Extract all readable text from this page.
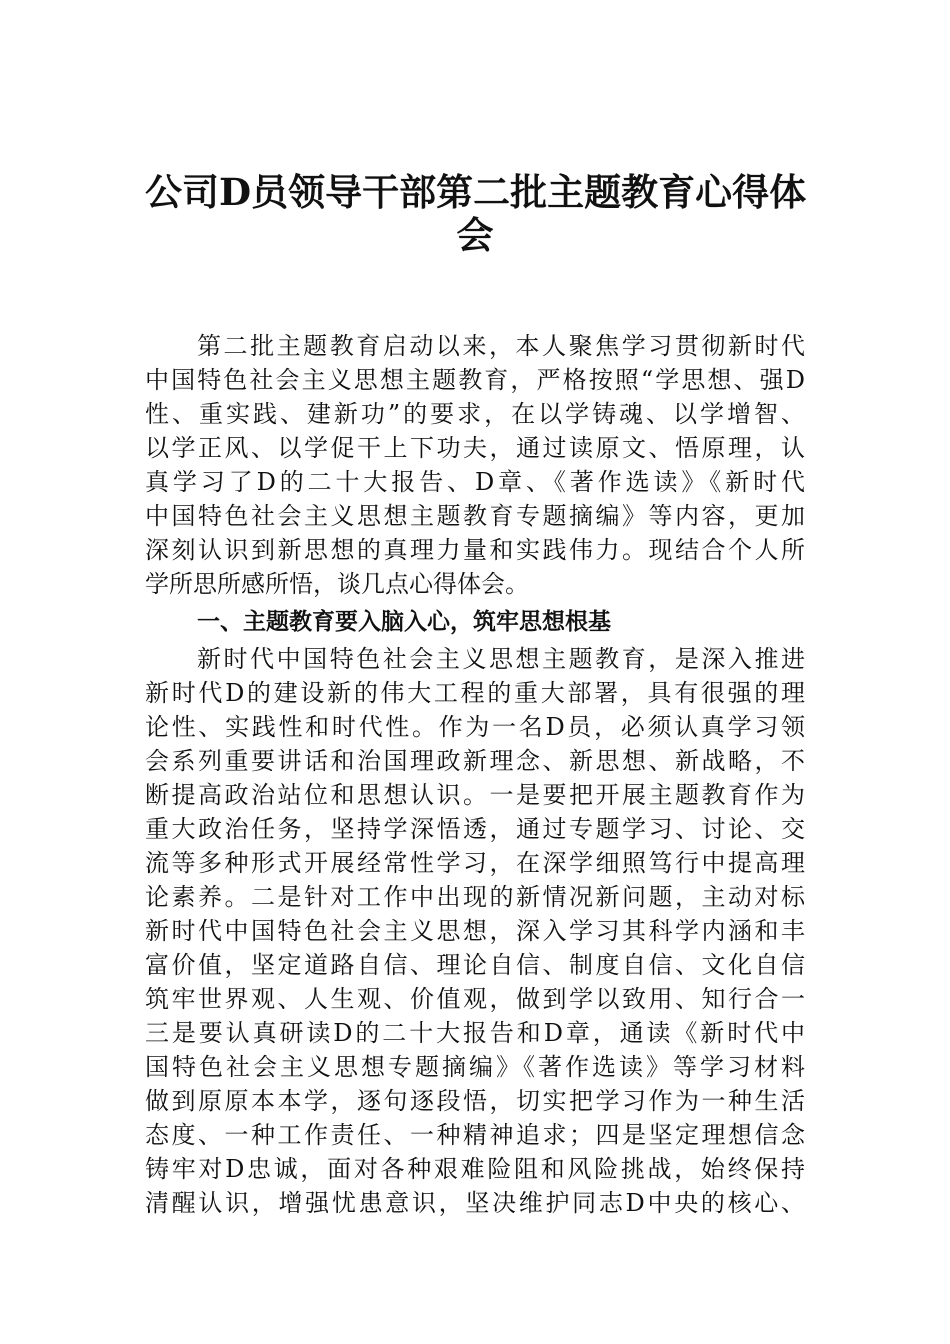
公司D员领导干部第二批主题教育心得体
会
第二批主题教育启动以来，本人聚焦学习贯彻新时代
中国特色社会主义思想主题教育，严格按照“学思想、强D
性、重实践、建新功”的要求，在以学铸魂、以学增智、
以学正风、以学促干上下功夫，通过读原文、悟原理，认
真学习了D的二十大报告、D章、《著作选读》《新时代
中国特色社会主义思想主题教育专题摘编》等内容，更加
深刻认识到新思想的真理力量和实践伟力。现结合个人所
学所思所感所悟，谈几点心得体会。
一、主题教育要入脑入心，筑牢思想根基
新时代中国特色社会主义思想主题教育，是深入推进
新时代D的建设新的伟大工程的重大部署，具有很强的理
论性、实践性和时代性。作为一名D员，必须认真学习领
会系列重要讲话和治国理政新理念、新思想、新战略，不
断提高政治站位和思想认识。一是要把开展主题教育作为
重大政治任务，坚持学深悟透，通过专题学习、讨论、交
流等多种形式开展经常性学习，在深学细照笃行中提高理
论素养。二是针对工作中出现的新情况新问题，主动对标
新时代中国特色社会主义思想，深入学习其科学内涵和丰
富价值，坚定道路自信、理论自信、制度自信、文化自信
筑牢世界观、人生观、价值观，做到学以致用、知行合一
三是要认真研读D的二十大报告和D章，通读《新时代中
国特色社会主义思想专题摘编》《著作选读》等学习材料
做到原原本本学，逐句逐段悟，切实把学习作为一种生活
态度、一种工作责任、一种精神追求；四是坚定理想信念
铸牢对D忠诚，面对各种艰难险阻和风险挑战，始终保持
清醒认识，增强忧患意识，坚决维护同志D中央的核心、
